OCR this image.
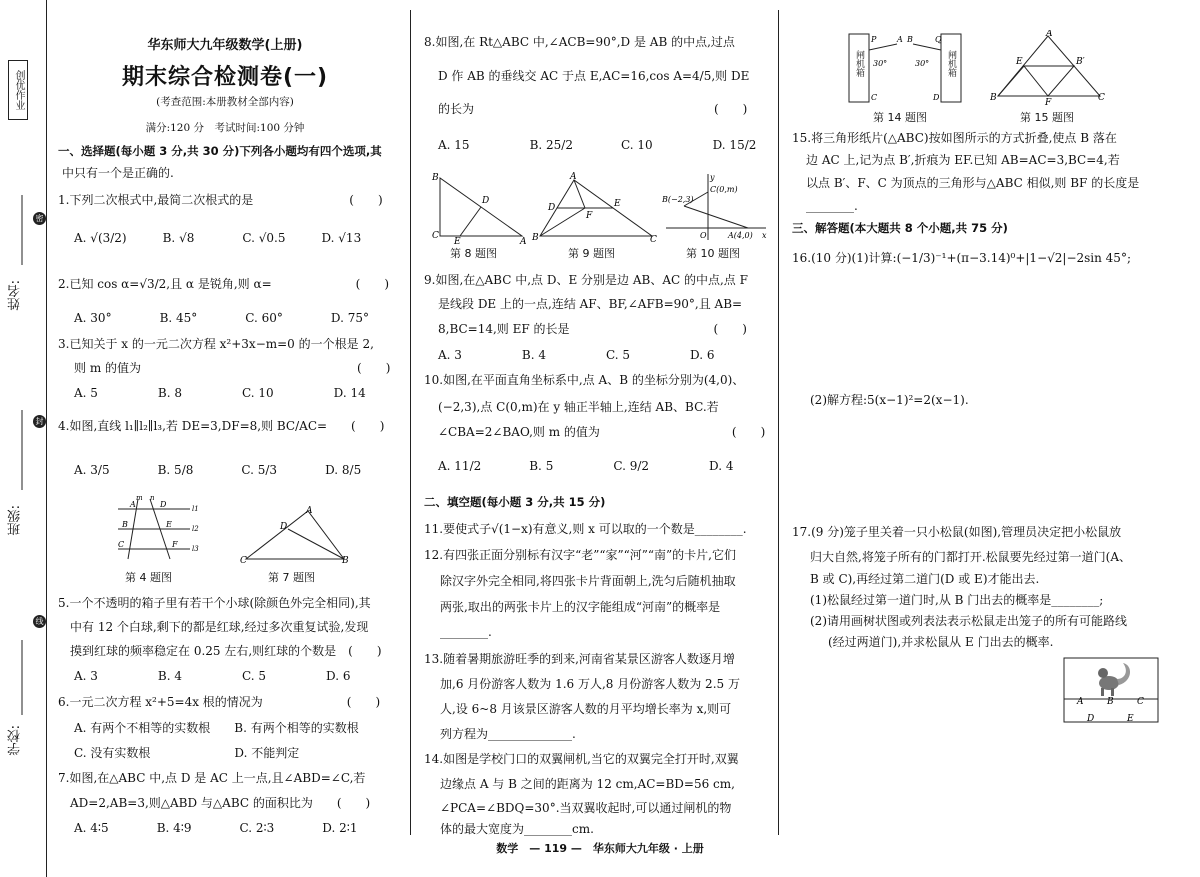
创优作业
姓名:
班级:
学校:
密
封
线
华东师大九年级数学(上册)
期末综合检测卷(一)
(考查范围:本册教材全部内容)
满分:120 分　考试时间:100 分钟
一、选择题(每小题 3 分,共 30 分)下列各小题均有四个选项,其
中只有一个是正确的.
1.下列二次根式中,最简二次根式的是　　　　　　　　(　　)
A. √(3/2)　　　B. √8　　　　C. √0.5　　　D. √13
2.已知 cos α=√3/2,且 α 是锐角,则 α=　　　　　　　(　　)
A. 30°　　　　B. 45°　　　　C. 60°　　　　D. 75°
3.已知关于 x 的一元二次方程 x²+3x−m=0 的一个根是 2,
则 m 的值为　　　　　　　　　　　　　　　　　　(　　)
A. 5　　　　　B. 8　　　　　C. 10　　　　　D. 14
4.如图,直线 l₁∥l₂∥l₃,若 DE=3,DF=8,则 BC/AC=　　(　　)
A. 3/5　　　　B. 5/8　　　　C. 5/3　　　　D. 8/5
5.一个不透明的箱子里有若干个小球(除颜色外完全相同),其
中有 12 个白球,剩下的都是红球,经过多次重复试验,发现
摸到红球的频率稳定在 0.25 左右,则红球的个数是　(　　)
A. 3　　　　　B. 4　　　　　C. 5　　　　　D. 6
6.一元二次方程 x²+5=4x 根的情况为　　　　　　　(　　)
A. 有两个不相等的实数根　　B. 有两个相等的实数根
C. 没有实数根　　　　　　　D. 不能判定
7.如图,在△ABC 中,点 D 是 AC 上一点,且∠ABD=∠C,若
AD=2,AB=3,则△ABD 与△ABC 的面积比为　　(　　)
A. 4∶5　　　　B. 4∶9　　　　C. 2∶3　　　　D. 2∶1
A	D
B	E
C	F
l1
l2
l3
m n
第 4 题图
A
D
C	B
第 7 题图
8.如图,在 Rt△ABC 中,∠ACB=90°,D 是 AB 的中点,过点
D 作 AB 的垂线交 AC 于点 E,AC=16,cos A=4/5,则 DE
的长为　　　　　　　　　　　　　　　　　　　　(　　)
A. 15　　　　　B. 25/2　　　　C. 10　　　　　D. 15/2
9.如图,在△ABC 中,点 D、E 分别是边 AB、AC 的中点,点 F
是线段 DE 上的一点,连结 AF、BF,∠AFB=90°,且 AB=
8,BC=14,则 EF 的长是　　　　　　　　　　　　(　　)
A. 3　　　　　B. 4　　　　　C. 5　　　　　D. 6
10.如图,在平面直角坐标系中,点 A、B 的坐标分别为(4,0)、
(−2,3),点 C(0,m)在 y 轴正半轴上,连结 AB、BC.若
∠CBA=2∠BAO,则 m 的值为　　　　　　　　　　　(　　)
A. 11/2　　　　B. 5　　　　　C. 9/2　　　　　D. 4
二、填空题(每小题 3 分,共 15 分)
11.要使式子√(1−x)有意义,则 x 可以取的一个数是________.
12.有四张正面分别标有汉字“老”“家”“河”“南”的卡片,它们
除汉字外完全相同,将四张卡片背面朝上,洗匀后随机抽取
两张,取出的两张卡片上的汉字能组成“河南”的概率是
________.
13.随着暑期旅游旺季的到来,河南省某景区游客人数逐月增
加,6 月份游客人数为 1.6 万人,8 月份游客人数为 2.5 万
人,设 6~8 月该景区游客人数的月平均增长率为 x,则可
列方程为______________.
14.如图是学校门口的双翼闸机,当它的双翼完全打开时,双翼
边缘点 A 与 B 之间的距离为 12 cm,AC=BD=56 cm,
∠PCA=∠BDQ=30°.当双翼收起时,可以通过闸机的物
体的最大宽度为________cm.
B
C
A
D
E
第 8 题图
A
D	E
F
B	C
第 9 题图
y
x
B(−2,3)
C(0,m)
O	A(4,0)
第 10 题图
P	A B	Q
C	D
30°	30°
闸机箱	闸机箱
第 14 题图
A
E	B′
B	F	C
第 15 题图
15.将三角形纸片(△ABC)按如图所示的方式折叠,使点 B 落在
边 AC 上,记为点 B′,折痕为 EF.已知 AB=AC=3,BC=4,若
以点 B′、F、C 为顶点的三角形与△ABC 相似,则 BF 的长度是
________.
三、解答题(本大题共 8 个小题,共 75 分)
16.(10 分)(1)计算:(−1/3)⁻¹+(π−3.14)⁰+|1−√2|−2sin 45°;
(2)解方程:5(x−1)²=2(x−1).
17.(9 分)笼子里关着一只小松鼠(如图),管理员决定把小松鼠放
归大自然,将笼子所有的门都打开.松鼠要先经过第一道门(A、
B 或 C),再经过第二道门(D 或 E)才能出去.
(1)松鼠经过第一道门时,从 B 门出去的概率是________;
(2)请用画树状图或列表法表示松鼠走出笼子的所有可能路线
(经过两道门),并求松鼠从 E 门出去的概率.
A	B	C
D	E
数学　— 119 —　华东师大九年级 · 上册
